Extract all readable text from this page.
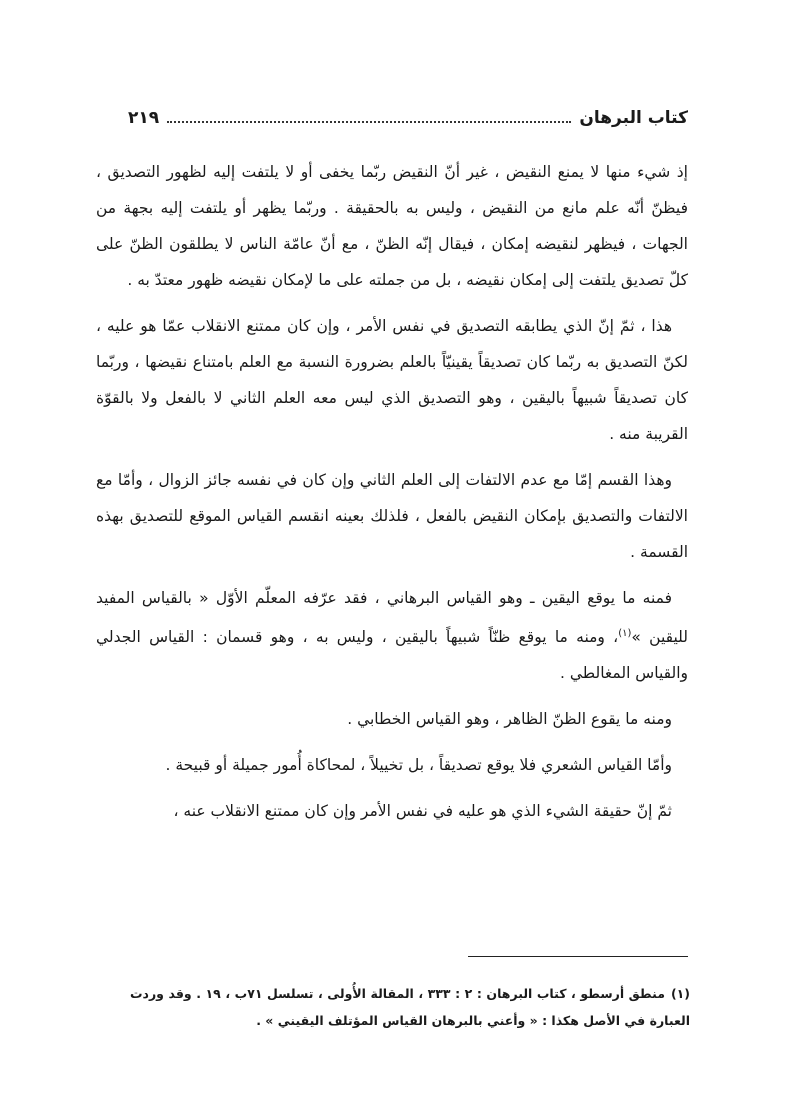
كتاب البرهان
٢١٩

إذ شيء منها لا يمنع النقيض ، غير أنّ النقيض ربّما يخفى أو لا يلتفت إليه لظهور التصديق ، فيظنّ أنّه علم مانع من النقيض ، وليس به بالحقيقة . وربّما يظهر أو يلتفت إليه بجهة من الجهات ، فيظهر لنقيضه إمكان ، فيقال إنّه الظنّ ، مع أنّ عامّة الناس لا يطلقون الظنّ على كلّ تصديق يلتفت إلى إمكان نقيضه ، بل من جملته على ما لإمكان نقيضه ظهور معتدّ به .

هذا ، ثمّ إنّ الذي يطابقه التصديق في نفس الأمر ، وإن كان ممتنع الانقلاب عمّا هو عليه ، لكنّ التصديق به ربّما كان تصديقاً يقينيّاً بالعلم بضرورة النسبة مع العلم بامتناع نقيضها ، وربّما كان تصديقاً شبيهاً باليقين ، وهو التصديق الذي ليس معه العلم الثاني لا بالفعل ولا بالقوّة القريبة منه .

وهذا القسم إمّا مع عدم الالتفات إلى العلم الثاني وإن كان في نفسه جائز الزوال ، وأمّا مع الالتفات والتصديق بإمكان النقيض بالفعل ، فلذلك بعينه انقسم القياس الموقع للتصديق بهذه القسمة .

فمنه ما يوقع اليقين ـ وهو القياس البرهاني ، فقد عرّفه المعلّم الأوّل « بالقياس المفيد لليقين »$^{(١)}$، ومنه ما يوقع ظنّاً شبيهاً باليقين ، وليس به ، وهو قسمان : القياس الجدلي والقياس المغالطي .

ومنه ما يقوع الظنّ الظاهر ، وهو القياس الخطابي .

وأمّا القياس الشعري فلا يوقع تصديقاً ، بل تخييلاً ، لمحاكاة أُمور جميلة أو قبيحة .

ثمّ إنّ حقيقة الشيء الذي هو عليه في نفس الأمر وإن كان ممتنع الانقلاب عنه ،

(١)منطق أرسطو ، كتاب البرهان : ٢ : ٣٣٣ ، المقالة الأُولى ، تسلسل ٧١ب ، ١٩ . وقد وردت العبارة في الأصل هكذا : « وأعني بالبرهان القياس المؤتلف اليقيني » .
